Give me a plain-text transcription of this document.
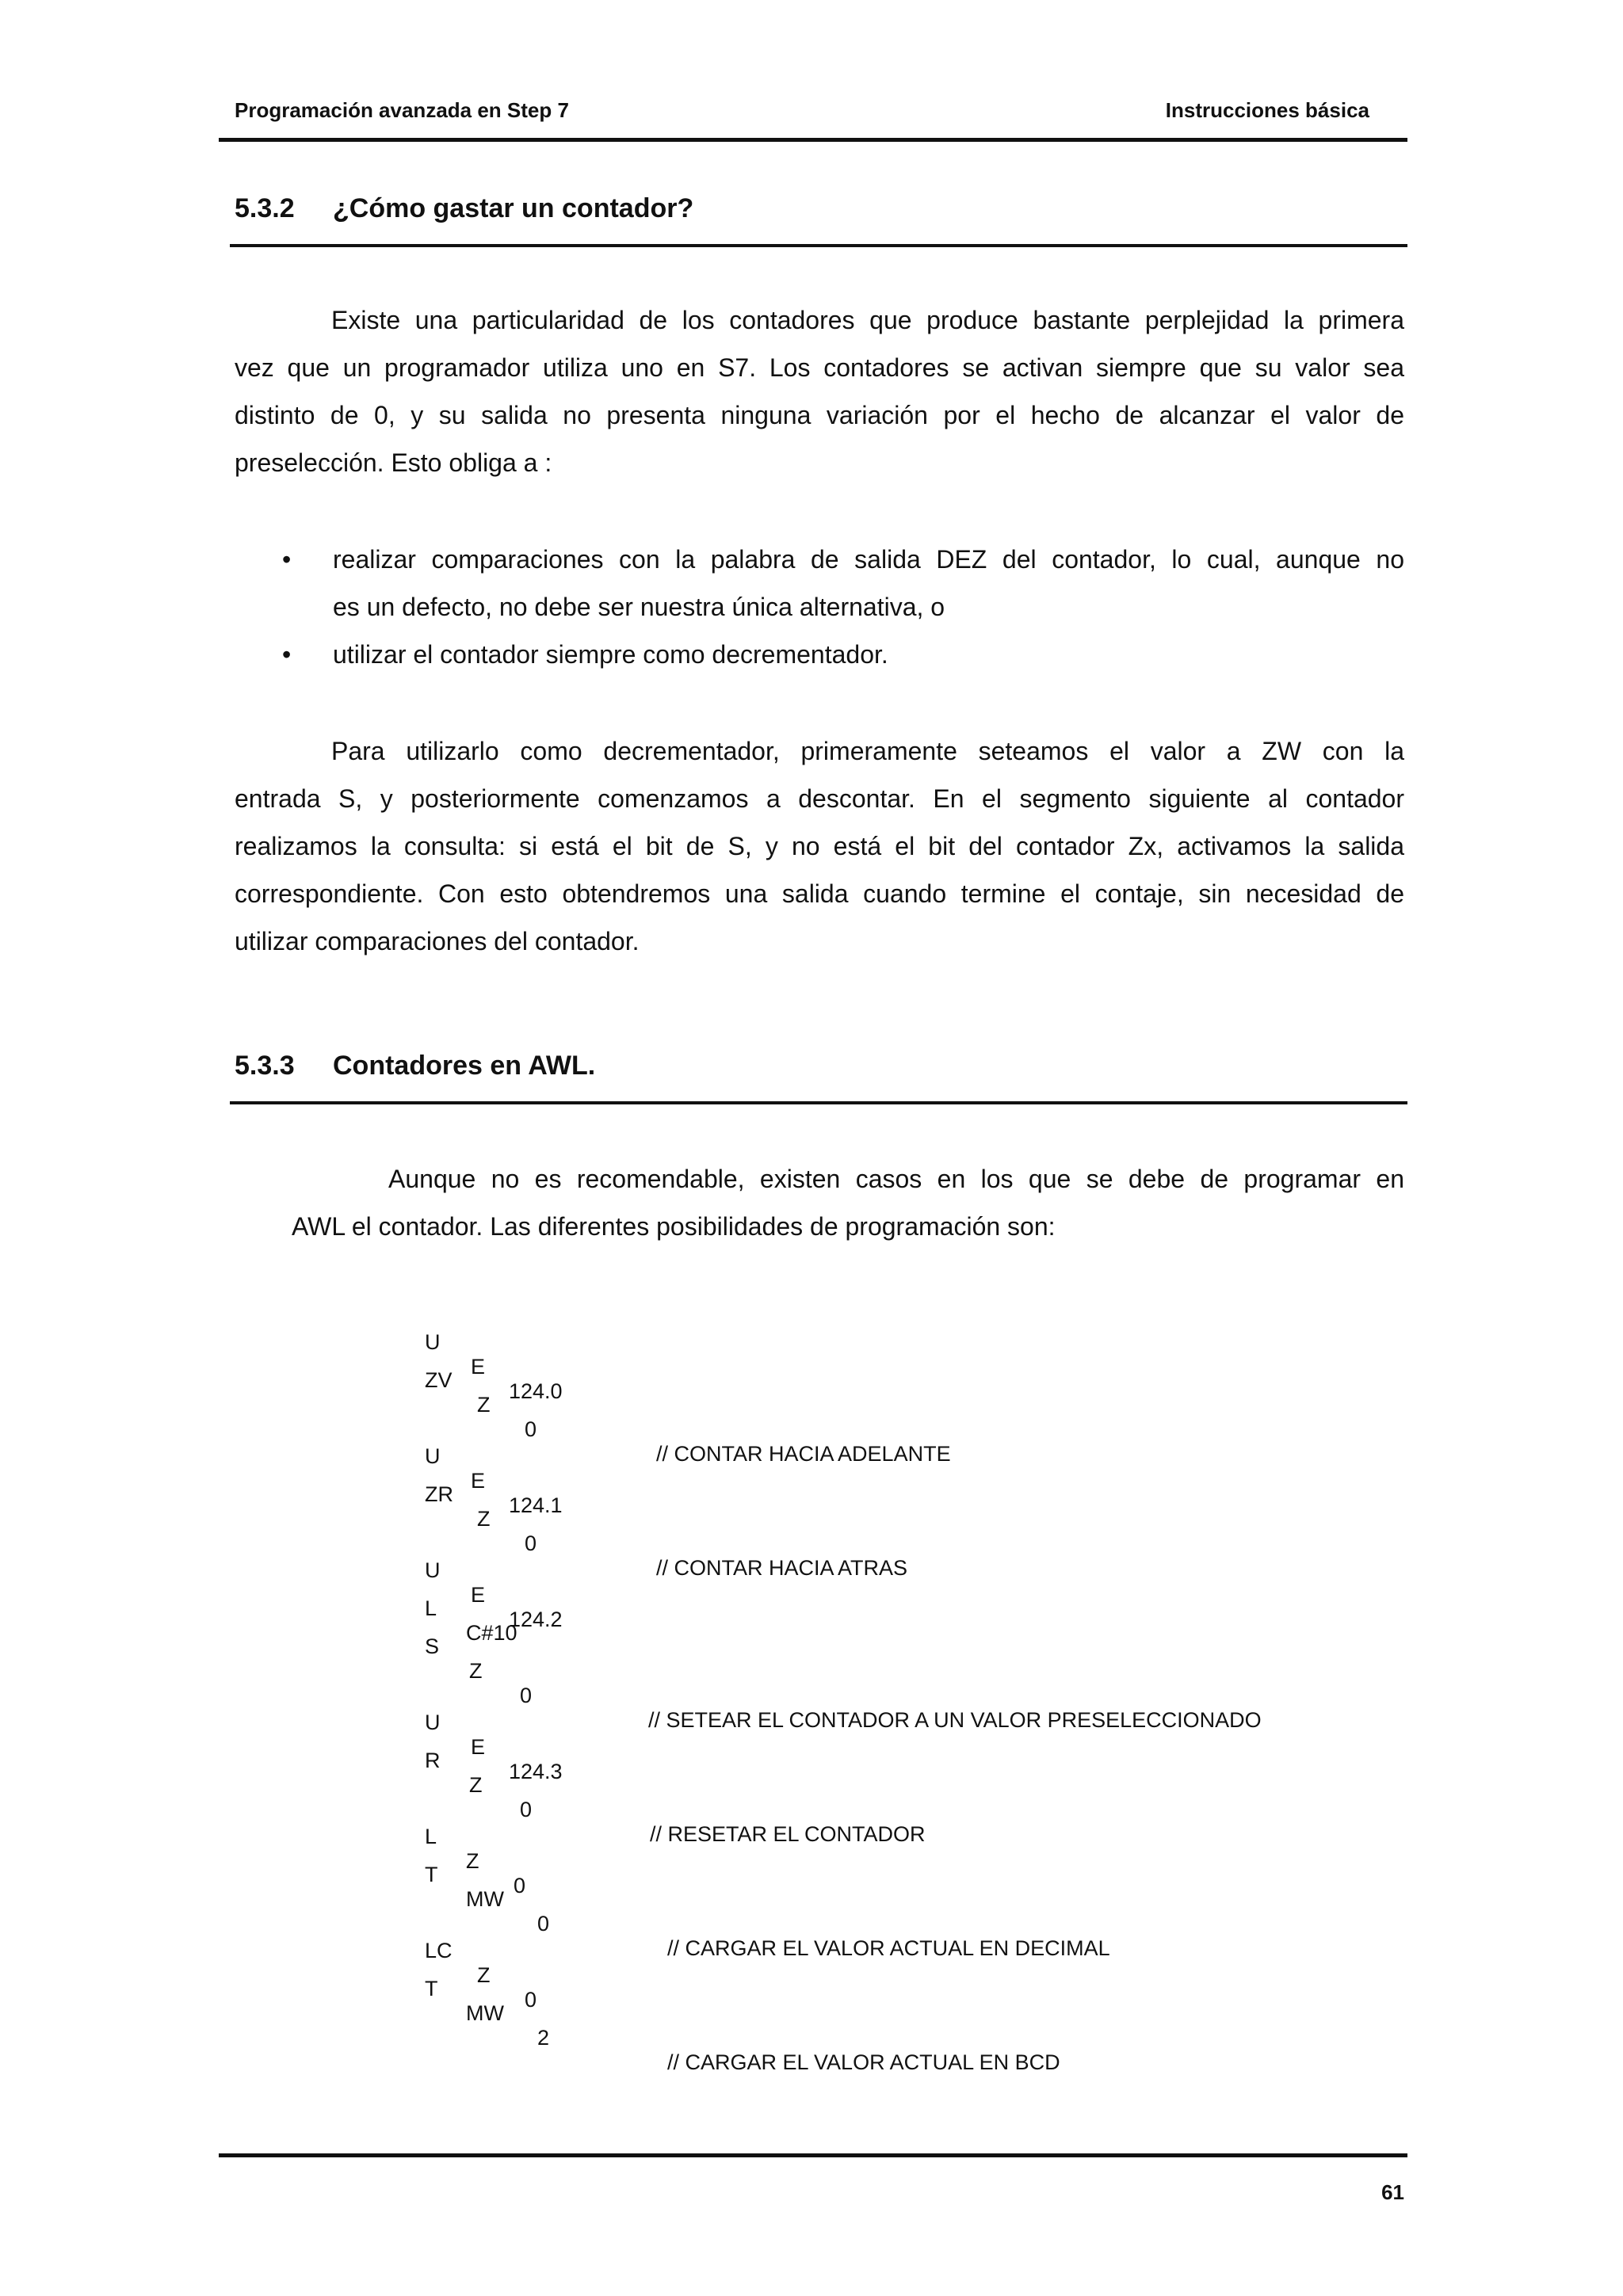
Programación avanzada en Step 7	Instrucciones básica
5.3.2 ¿Cómo gastar un contador?
Existe una particularidad de los contadores que produce bastante perplejidad la primera
vez que un programador utiliza uno en S7. Los contadores se activan siempre que su valor sea
distinto de 0, y su salida no presenta ninguna variación por el hecho de alcanzar el valor de
preselección. Esto obliga a :
• realizar comparaciones con la palabra de salida DEZ del contador, lo cual, aunque no
es un defecto, no debe ser nuestra única alternativa, o
• utilizar el contador siempre como decrementador.
Para utilizarlo como decrementador, primeramente seteamos el valor a ZW con la
entrada S, y posteriormente comenzamos a descontar. En el segmento siguiente al contador
realizamos la consulta: si está el bit de S, y no está el bit del contador Zx, activamos la salida
correspondiente. Con esto obtendremos una salida cuando termine el contaje, sin necesidad de
utilizar comparaciones del contador.
5.3.3 Contadores en AWL.
Aunque no es recomendable, existen casos en los que se debe de programar en
AWL el contador. Las diferentes posibilidades de programación son:

U

E

124.0

ZV

Z

0

// CONTAR HACIA ADELANTE

U

E

124.1

ZR

Z

0

// CONTAR HACIA ATRAS

U

E

124.2

L

C#10

S

Z

0

// SETEAR EL CONTADOR A UN VALOR PRESELECCIONADO

U

E

124.3

R

Z

0

// RESETAR EL CONTADOR

L

Z

0

T

MW

0

// CARGAR EL VALOR ACTUAL EN DECIMAL

LC

Z

0

T

MW

2

// CARGAR EL VALOR ACTUAL EN BCD

61
